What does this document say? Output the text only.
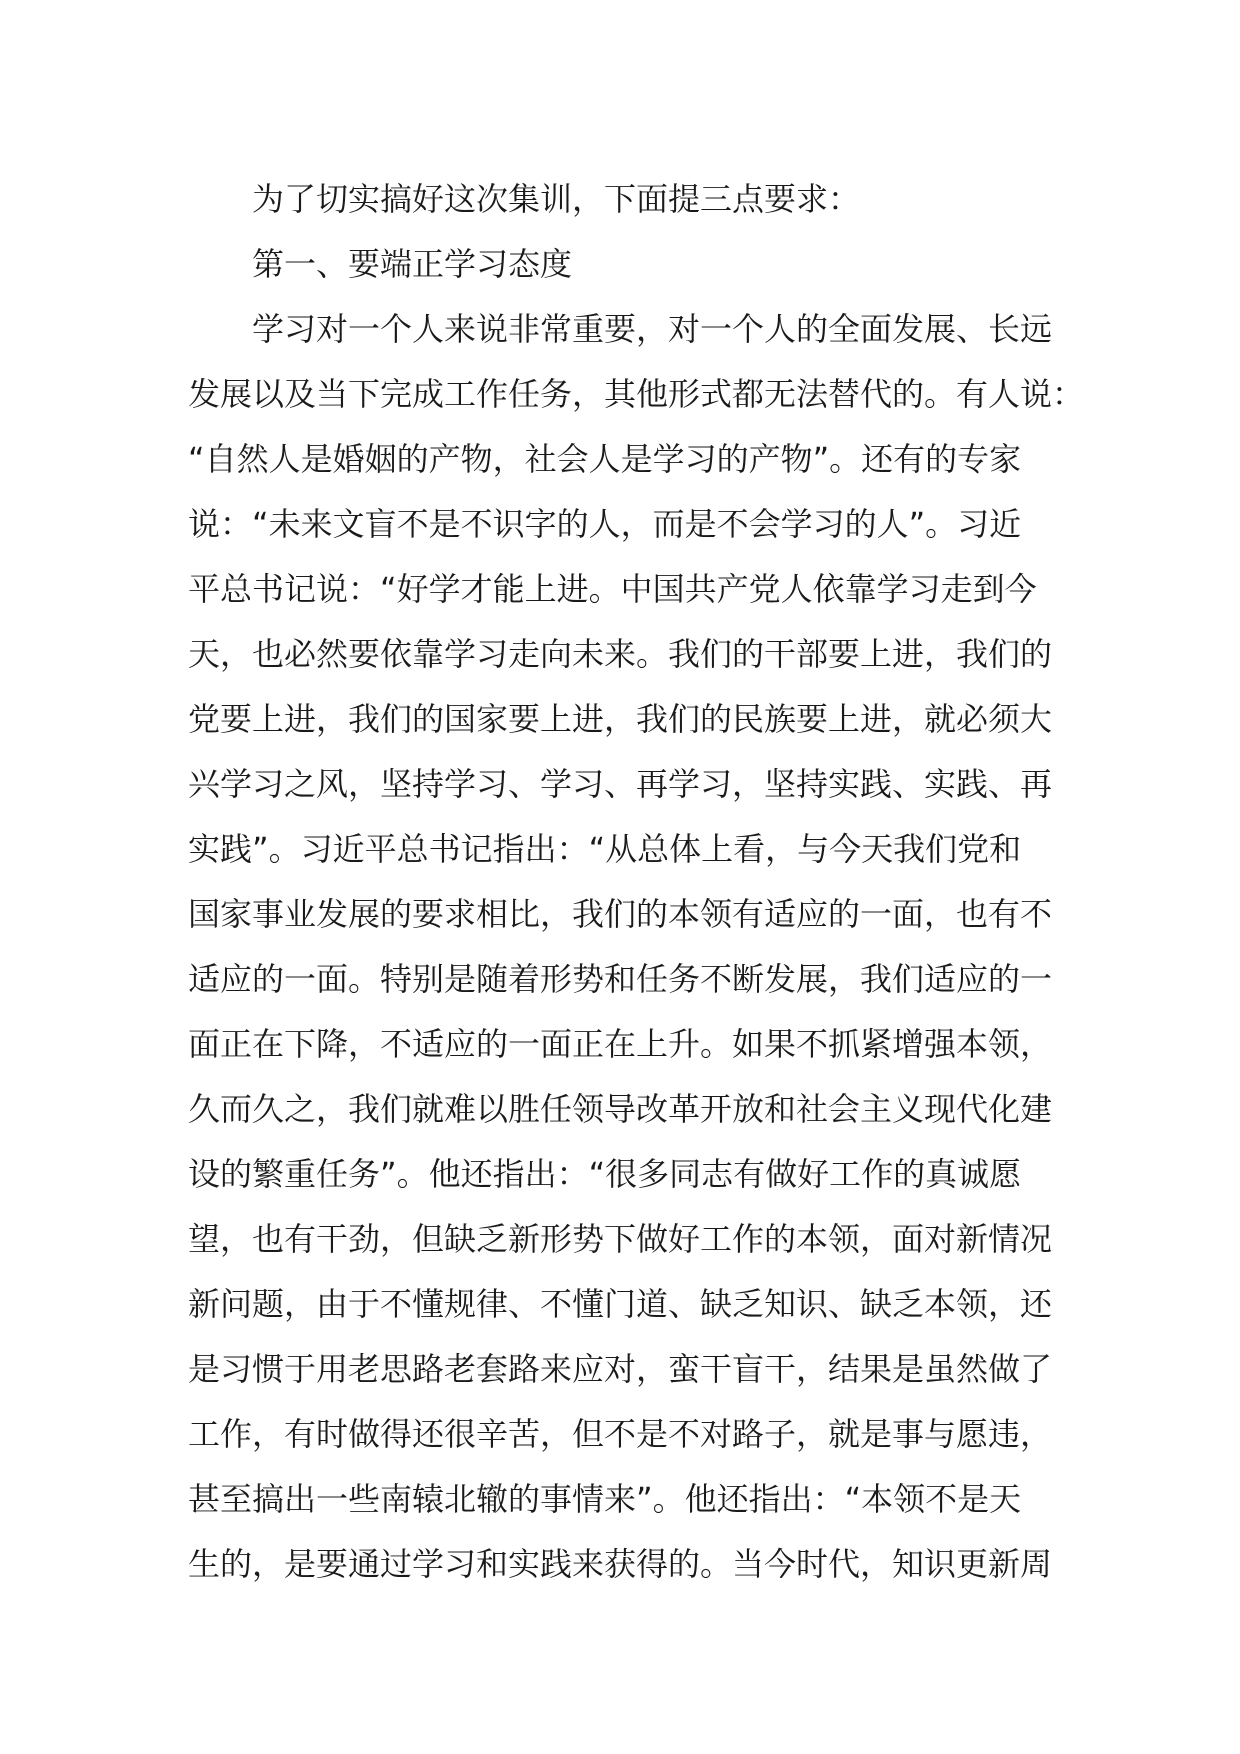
为了切实搞好这次集训，下面提三点要求：
第一、要端正学习态度
学习对一个人来说非常重要，对一个人的全面发展、长远
发展以及当下完成工作任务，其他形式都无法替代的。有人说：
“自然人是婚姻的产物，社会人是学习的产物”。还有的专家
说：“未来文盲不是不识字的人，而是不会学习的人”。习近
平总书记说：“好学才能上进。中国共产党人依靠学习走到今
天，也必然要依靠学习走向未来。我们的干部要上进，我们的
党要上进，我们的国家要上进，我们的民族要上进，就必须大
兴学习之风，坚持学习、学习、再学习，坚持实践、实践、再
实践”。习近平总书记指出：“从总体上看，与今天我们党和
国家事业发展的要求相比，我们的本领有适应的一面，也有不
适应的一面。特别是随着形势和任务不断发展，我们适应的一
面正在下降，不适应的一面正在上升。如果不抓紧增强本领，
久而久之，我们就难以胜任领导改革开放和社会主义现代化建
设的繁重任务”。他还指出：“很多同志有做好工作的真诚愿
望，也有干劲，但缺乏新形势下做好工作的本领，面对新情况
新问题，由于不懂规律、不懂门道、缺乏知识、缺乏本领，还
是习惯于用老思路老套路来应对，蛮干盲干，结果是虽然做了
工作，有时做得还很辛苦，但不是不对路子，就是事与愿违，
甚至搞出一些南辕北辙的事情来”。他还指出：“本领不是天
生的，是要通过学习和实践来获得的。当今时代，知识更新周
